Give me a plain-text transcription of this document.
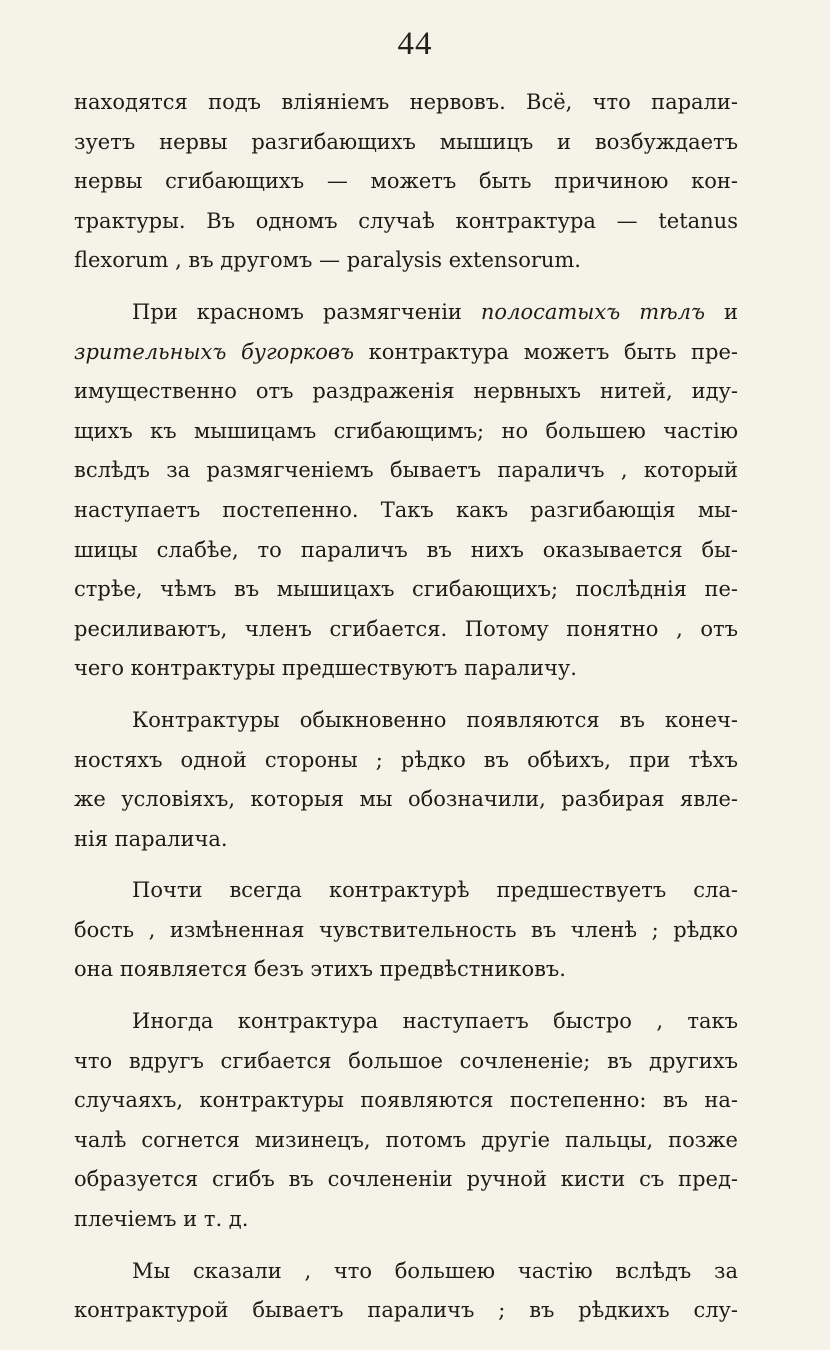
44
находятся подъ вліяніемъ нервовъ. Всё, что парали-
зуетъ нервы разгибающихъ мышицъ и возбуждаетъ
нервы сгибающихъ — можетъ быть причиною кон-
трактуры. Въ одномъ случаѣ контрактура — tetanus
flexorum , въ другомъ — paralysis extensorum.
При красномъ размягченіи полосатыхъ тѣлъ и
зрительныхъ бугорковъ контрактура можетъ быть пре-
имущественно отъ раздраженія нервныхъ нитей, иду-
щихъ къ мышицамъ сгибающимъ; но большею частію
вслѣдъ за размягченіемъ бываетъ параличъ , который
наступаетъ постепенно. Такъ какъ разгибающія мы-
шицы слабѣе, то параличъ въ нихъ оказывается бы-
стрѣе, чѣмъ въ мышицахъ сгибающихъ; послѣднія пе-
ресиливаютъ, членъ сгибается. Потому понятно , отъ
чего контрактуры предшествуютъ параличу.
Контрактуры обыкновенно появляются въ конеч-
ностяхъ одной стороны ; рѣдко въ обѣихъ, при тѣхъ
же условіяхъ, которыя мы обозначили, разбирая явле-
нія паралича.
Почти всегда контрактурѣ предшествуетъ сла-
бость , измѣненная чувствительность въ членѣ ; рѣдко
она появляется безъ этихъ предвѣстниковъ.
Иногда контрактура наступаетъ быстро , такъ
что вдругъ сгибается большое сочлененіе; въ другихъ
случаяхъ, контрактуры появляются постепенно: въ на-
чалѣ согнется мизинецъ, потомъ другіе пальцы, позже
образуется сгибъ въ сочлененіи ручной кисти съ пред-
плечіемъ и т. д.
Мы сказали , что большею частію вслѣдъ за
контрактурой бываетъ параличъ ; въ рѣдкихъ слу-
